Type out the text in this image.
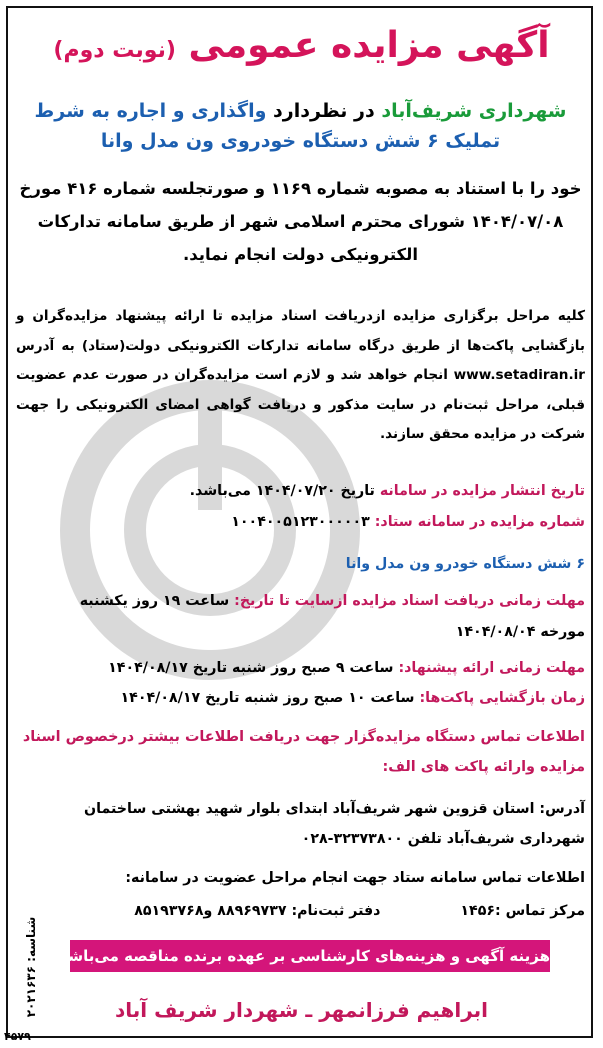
آگهی مزایده عمومی (نوبت دوم)
شهرداری شریف‌آباد در نظردارد واگذاری و اجاره به شرط
تملیک ۶ شش دستگاه خودروی ون مدل وانا
خود را با استناد به مصوبه شماره ۱۱۶۹ و صورتجلسه شماره ۴۱۶ مورخ ۱۴۰۴/۰۷/۰۸ شورای محترم اسلامی شهر از طریق سامانه تدارکات الکترونیکی دولت انجام نماید.
کلیه مراحل برگزاری مزایده ازدریافت اسناد مزایده تا ارائه پیشنهاد مزایده‌گران و بازگشایی پاکت‌ها از طریق درگاه سامانه تدارکات الکترونیکی دولت(ستاد) به آدرس www.setadiran.ir انجام خواهد شد و لازم است مزایده‌گران در صورت عدم عضویت قبلی، مراحل ثبت‌نام در سایت مذکور و دریافت گواهی امضای الکترونیکی را جهت شرکت در مزایده محقق سازند.
تاریخ انتشار مزایده در سامانه تاریخ ۱۴۰۴/۰۷/۲۰ می‌باشد.
شماره مزایده در سامانه ستاد: ۱۰۰۴۰۰۵۱۲۳۰۰۰۰۰۳
۶ شش دستگاه خودرو ون مدل وانا
مهلت زمانی دریافت اسناد مزایده ازسایت تا تاریخ: ساعت ۱۹ روز یکشنبه
مورخه ۱۴۰۴/۰۸/۰۴
مهلت زمانی ارائه پیشنهاد: ساعت ۹ صبح روز شنبه تاریخ ۱۴۰۴/۰۸/۱۷
زمان بازگشایی پاکت‌ها: ساعت ۱۰ صبح روز شنبه تاریخ ۱۴۰۴/۰۸/۱۷
اطلاعات تماس دستگاه مزایده‌گزار جهت دریافت اطلاعات بیشتر درخصوص اسناد مزایده وارائه پاکت های الف:
آدرس: استان قزوین شهر شریف‌آباد ابتدای بلوار شهید بهشتی ساختمان شهرداری شریف‌آباد تلفن ۳۲۳۷۳۸۰۰-۰۲۸
اطلاعات تماس سامانه ستاد جهت انجام مراحل عضویت در سامانه:
مرکز تماس :۱۴۵۶  دفتر ثبت‌نام: ۸۸۹۶۹۷۳۷ و۸۵۱۹۳۷۶۸
هزینه آگهی و هزینه‌های کارشناسی بر عهده برنده مناقصه می‌باشد.
ابراهیم فرزانمهر ـ شهردار شریف آباد
شناسه: ۲۰۲۱۶۳۶
۴۵۷۹
